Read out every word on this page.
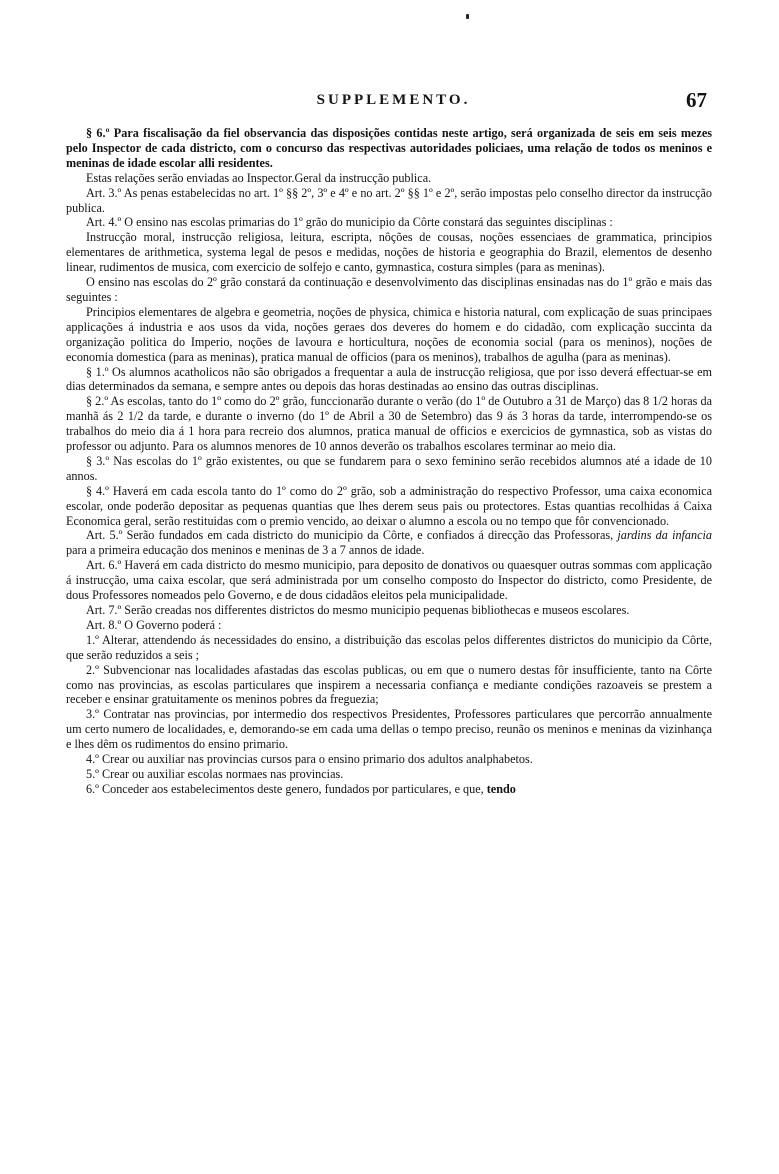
SUPPLEMENTO.	67

§ 6.º Para fiscalisação da fiel observancia das disposições contidas neste artigo, será organizada de seis em seis mezes pelo Inspector de cada districto, com o concurso das respectivas autoridades policiaes, uma relação de todos os meninos e meninas de idade escolar alli residentes.

Estas relações serão enviadas ao Inspector.Geral da instrucção publica.

Art. 3.º As penas estabelecidas no art. 1º §§ 2º, 3º e 4º e no art. 2º §§ 1º e 2º, serão impostas pelo conselho director da instrucção publica.

Art. 4.º O ensino nas escolas primarias do 1º grão do municipio da Côrte constará das seguintes disciplinas :

Instrucção moral, instrucção religiosa, leitura, escripta, nôções de cousas, noções essenciaes de grammatica, principios elementares de arithmetica, systema legal de pesos e medidas, noções de historia e geographia do Brazil, elementos de desenho linear, rudimentos de musica, com exercicio de solfejo e canto, gymnastica, costura simples (para as meninas).

O ensino nas escolas do 2º grão constará da continuação e desenvolvimento das disciplinas ensinadas nas do 1º grão e mais das seguintes :

Principios elementares de algebra e geometria, noções de physica, chimica e historia natural, com explicação de suas principaes applicações á industria e aos usos da vida, noções geraes dos deveres do homem e do cidadão, com explicação succinta da organização politica do Imperio, noções de lavoura e horticultura, noções de economia social (para os meninos), noções de economia domestica (para as meninas), pratica manual de officios (para os meninos), trabalhos de agulha (para as meninas).

§ 1.º Os alumnos acatholicos não são obrigados a frequentar a aula de instrucção religiosa, que por isso deverá effectuar-se em dias determinados da semana, e sempre antes ou depois das horas destinadas ao ensino das outras disciplinas.

§ 2.º As escolas, tanto do 1º como do 2º grão, funccionarão durante o verão (do 1º de Outubro a 31 de Março) das 8 1/2 horas da manhã ás 2 1/2 da tarde, e durante o inverno (do 1º de Abril a 30 de Setembro) das 9 ás 3 horas da tarde, interrompendo-se os trabalhos do meio dia á 1 hora para recreio dos alumnos, pratica manual de officios e exercicios de gymnastica, sob as vistas do professor ou adjunto. Para os alumnos menores de 10 annos deverão os trabalhos escolares terminar ao meio dia.

§ 3.º Nas escolas do 1º grão existentes, ou que se fundarem para o sexo feminino serão recebidos alumnos até a idade de 10 annos.

§ 4.º Haverá em cada escola tanto do 1º como do 2º grão, sob a administração do respectivo Professor, uma caixa economica escolar, onde poderão depositar as pequenas quantias que lhes derem seus pais ou protectores. Estas quantias recolhidas á Caixa Economica geral, serão restituidas com o premio vencido, ao deixar o alumno a escola ou no tempo que fôr convencionado.

Art. 5.º Serão fundados em cada districto do municipio da Côrte, e confiados á direcção das Professoras, jardins da infancia para a primeira educação dos meninos e meninas de 3 a 7 annos de idade.

Art. 6.º Haverá em cada districto do mesmo municipio, para deposito de donativos ou quaesquer outras sommas com applicação á instrucção, uma caixa escolar, que será administrada por um conselho composto do Inspector do districto, como Presidente, de dous Professores nomeados pelo Governo, e de dous cidadãos eleitos pela municipalidade.

Art. 7.º Serão creadas nos differentes districtos do mesmo municipio pequenas bibliothecas e museos escolares.

Art. 8.º O Governo poderá :

1.º Alterar, attendendo ás necessidades do ensino, a distribuição das escolas pelos differentes districtos do municipio da Côrte, que serão reduzidos a seis ;

2.º Subvencionar nas localidades afastadas das escolas publicas, ou em que o numero destas fôr insufficiente, tanto na Côrte como nas provincias, as escolas particulares que inspirem a necessaria confiança e mediante condições razoaveis se prestem a receber e ensinar gratuitamente os meninos pobres da freguezia;

3.º Contratar nas provincias, por intermedio dos respectivos Presidentes, Professores particulares que percorrão annualmente um certo numero de localidades, e, demorando-se em cada uma dellas o tempo preciso, reunão os meninos e meninas da vizinhança e lhes dêm os rudimentos do ensino primario.

4.º Crear ou auxiliar nas provincias cursos para o ensino primario dos adultos analphabetos.

5.º Crear ou auxiliar escolas normaes nas provincias.

6.º Conceder aos estabelecimentos deste genero, fundados por particulares, e que, tendo
